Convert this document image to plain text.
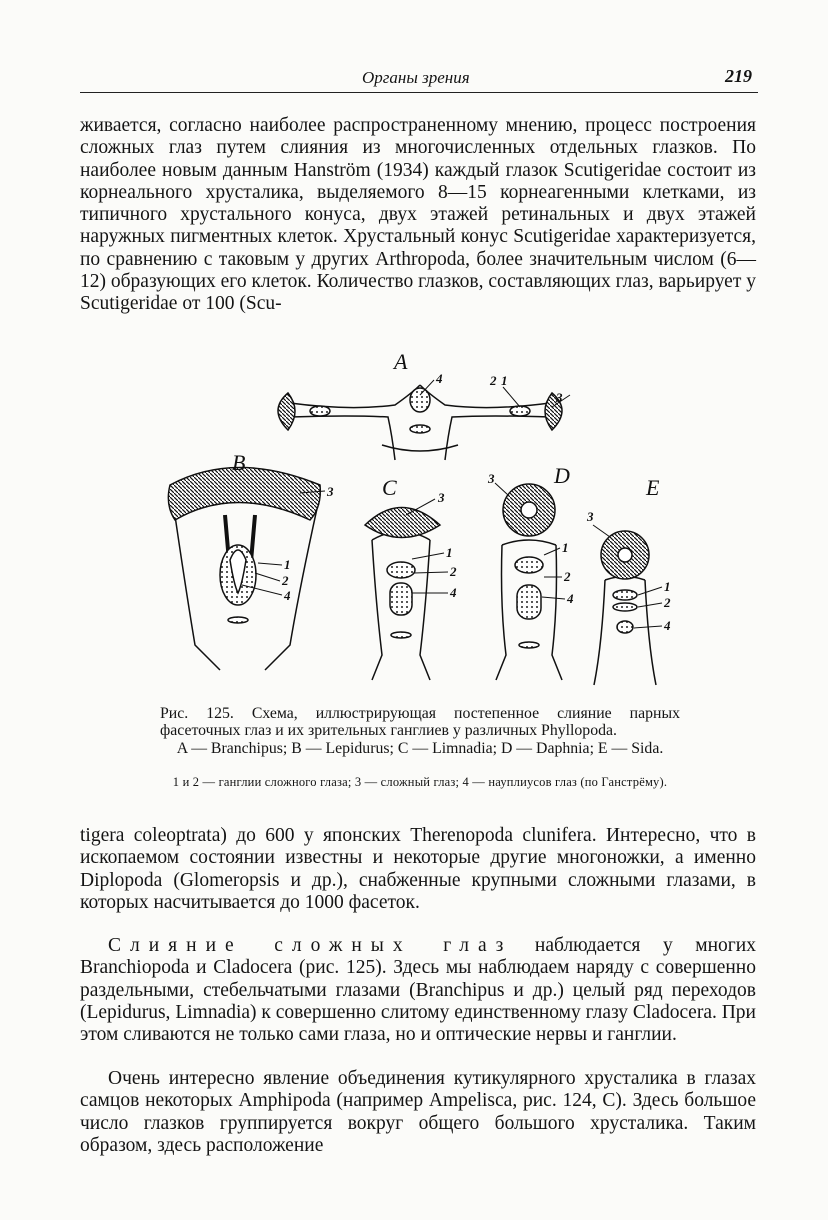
Органы зрения	219

живается, согласно наиболее распространенному мнению, процесс построения сложных глаз путем слияния из многочисленных отдельных глазков. По наиболее новым данным Hanström (1934) каждый глазок Scutigeridae состоит из корнеального хрусталика, выделяемого 8—15 корнеагенными клетками, из типичного хрустального конуса, двух этажей ретинальных и двух этажей наружных пигментных клеток. Хрустальный конус Scutigeridae характеризуется, по сравнению с таковым у других Arthropoda, более значительным числом (6—12) образующих его клеток. Количество глазков, составляющих глаз, варьирует у Scutigeridae от 100 (Scu-

A
B
C	D	E
4	2 1
3
3
1
2
4
3
1
2
4
3
1
2
4
3
1
2
4

Рис. 125. Схема, иллюстрирующая постепенное слияние парных фасеточных глаз и их зрительных ганглиев у различных Phyllopoda.
A — Branchipus; B — Lepidurus; C — Limnadia; D — Daphnia; E — Sida.

1 и 2 — ганглии сложного глаза; 3 — сложный глаз; 4 — науплиусов глаз (по Ганстрёму).

tigera coleoptrata) до 600 у японских Therenopoda clunifera. Интересно, что в ископаемом состоянии известны и некоторые другие многоножки, а именно Diplopoda (Glomeropsis и др.), снабженные крупными сложными глазами, в которых насчитывается до 1000 фасеток.

Слияние сложных глаз наблюдается у многих Branchiopoda и Cladocera (рис. 125). Здесь мы наблюдаем наряду с совершенно раздельными, стебельчатыми глазами (Branchipus и др.) целый ряд переходов (Lepidurus, Limnadia) к совершенно слитому единственному глазу Cladocera. При этом сливаются не только сами глаза, но и оптические нервы и ганглии.

Очень интересно явление объединения кутикулярного хрусталика в глазах самцов некоторых Amphipoda (например Ampelisca, рис. 124, C). Здесь большое число глазков группируется вокруг общего большого хрусталика. Таким образом, здесь расположение
